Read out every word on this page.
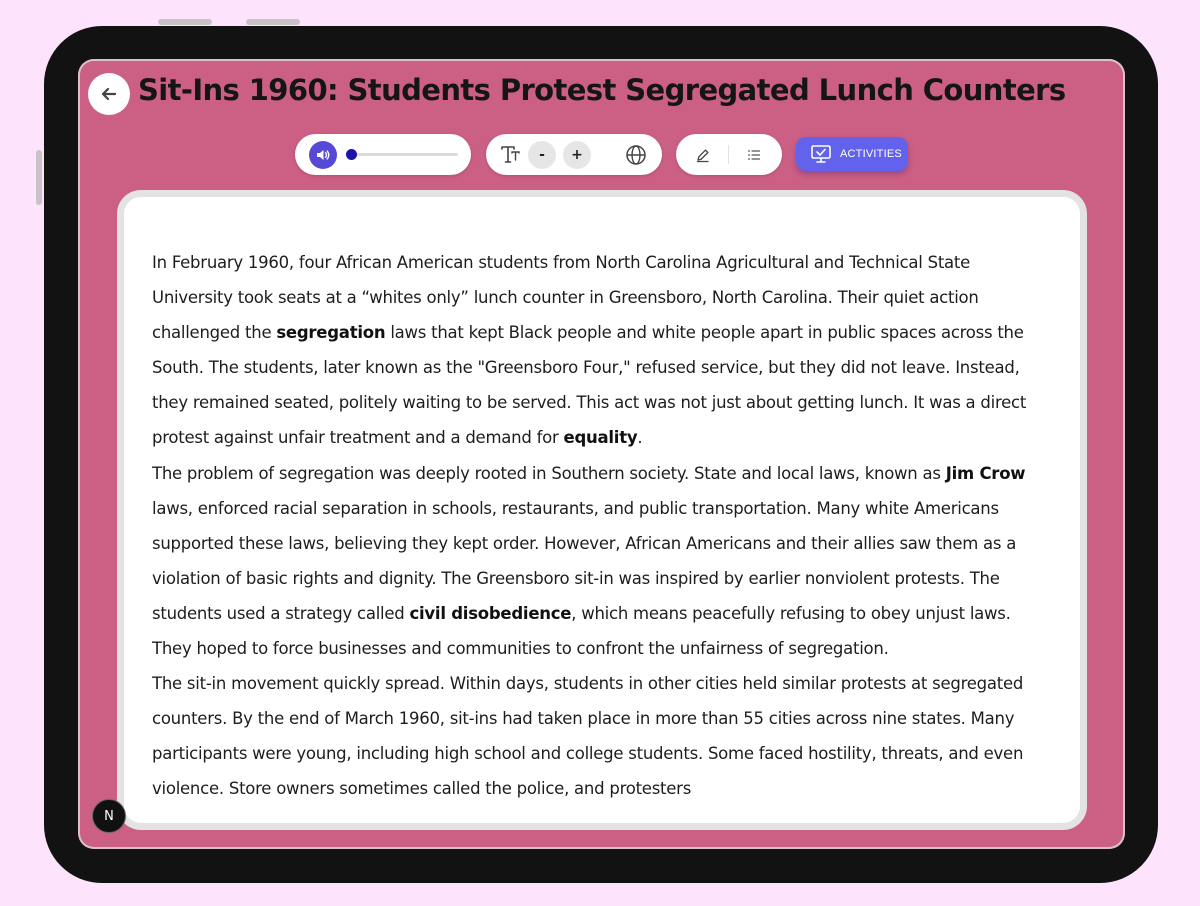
Sit-Ins 1960: Students Protest Segregated Lunch Counters
-	+	ACTIVITIES

In February 1960, four African American students from North Carolina Agricultural and Technical State University took seats at a “whites only” lunch counter in Greensboro, North Carolina. Their quiet action challenged the segregation laws that kept Black people and white people apart in public spaces across the South. The students, later known as the "Greensboro Four," refused service, but they did not leave. Instead, they remained seated, politely waiting to be served. This act was not just about getting lunch. It was a direct protest against unfair treatment and a demand for equality.

The problem of segregation was deeply rooted in Southern society. State and local laws, known as Jim Crow laws, enforced racial separation in schools, restaurants, and public transportation. Many white Americans supported these laws, believing they kept order. However, African Americans and their allies saw them as a violation of basic rights and dignity. The Greensboro sit-in was inspired by earlier nonviolent protests. The students used a strategy called civil disobedience, which means peacefully refusing to obey unjust laws. They hoped to force businesses and communities to confront the unfairness of segregation.

The sit-in movement quickly spread. Within days, students in other cities held similar protests at segregated counters. By the end of March 1960, sit-ins had taken place in more than 55 cities across nine states. Many participants were young, including high school and college students. Some faced hostility, threats, and even violence. Store owners sometimes called the police, and protesters

N
